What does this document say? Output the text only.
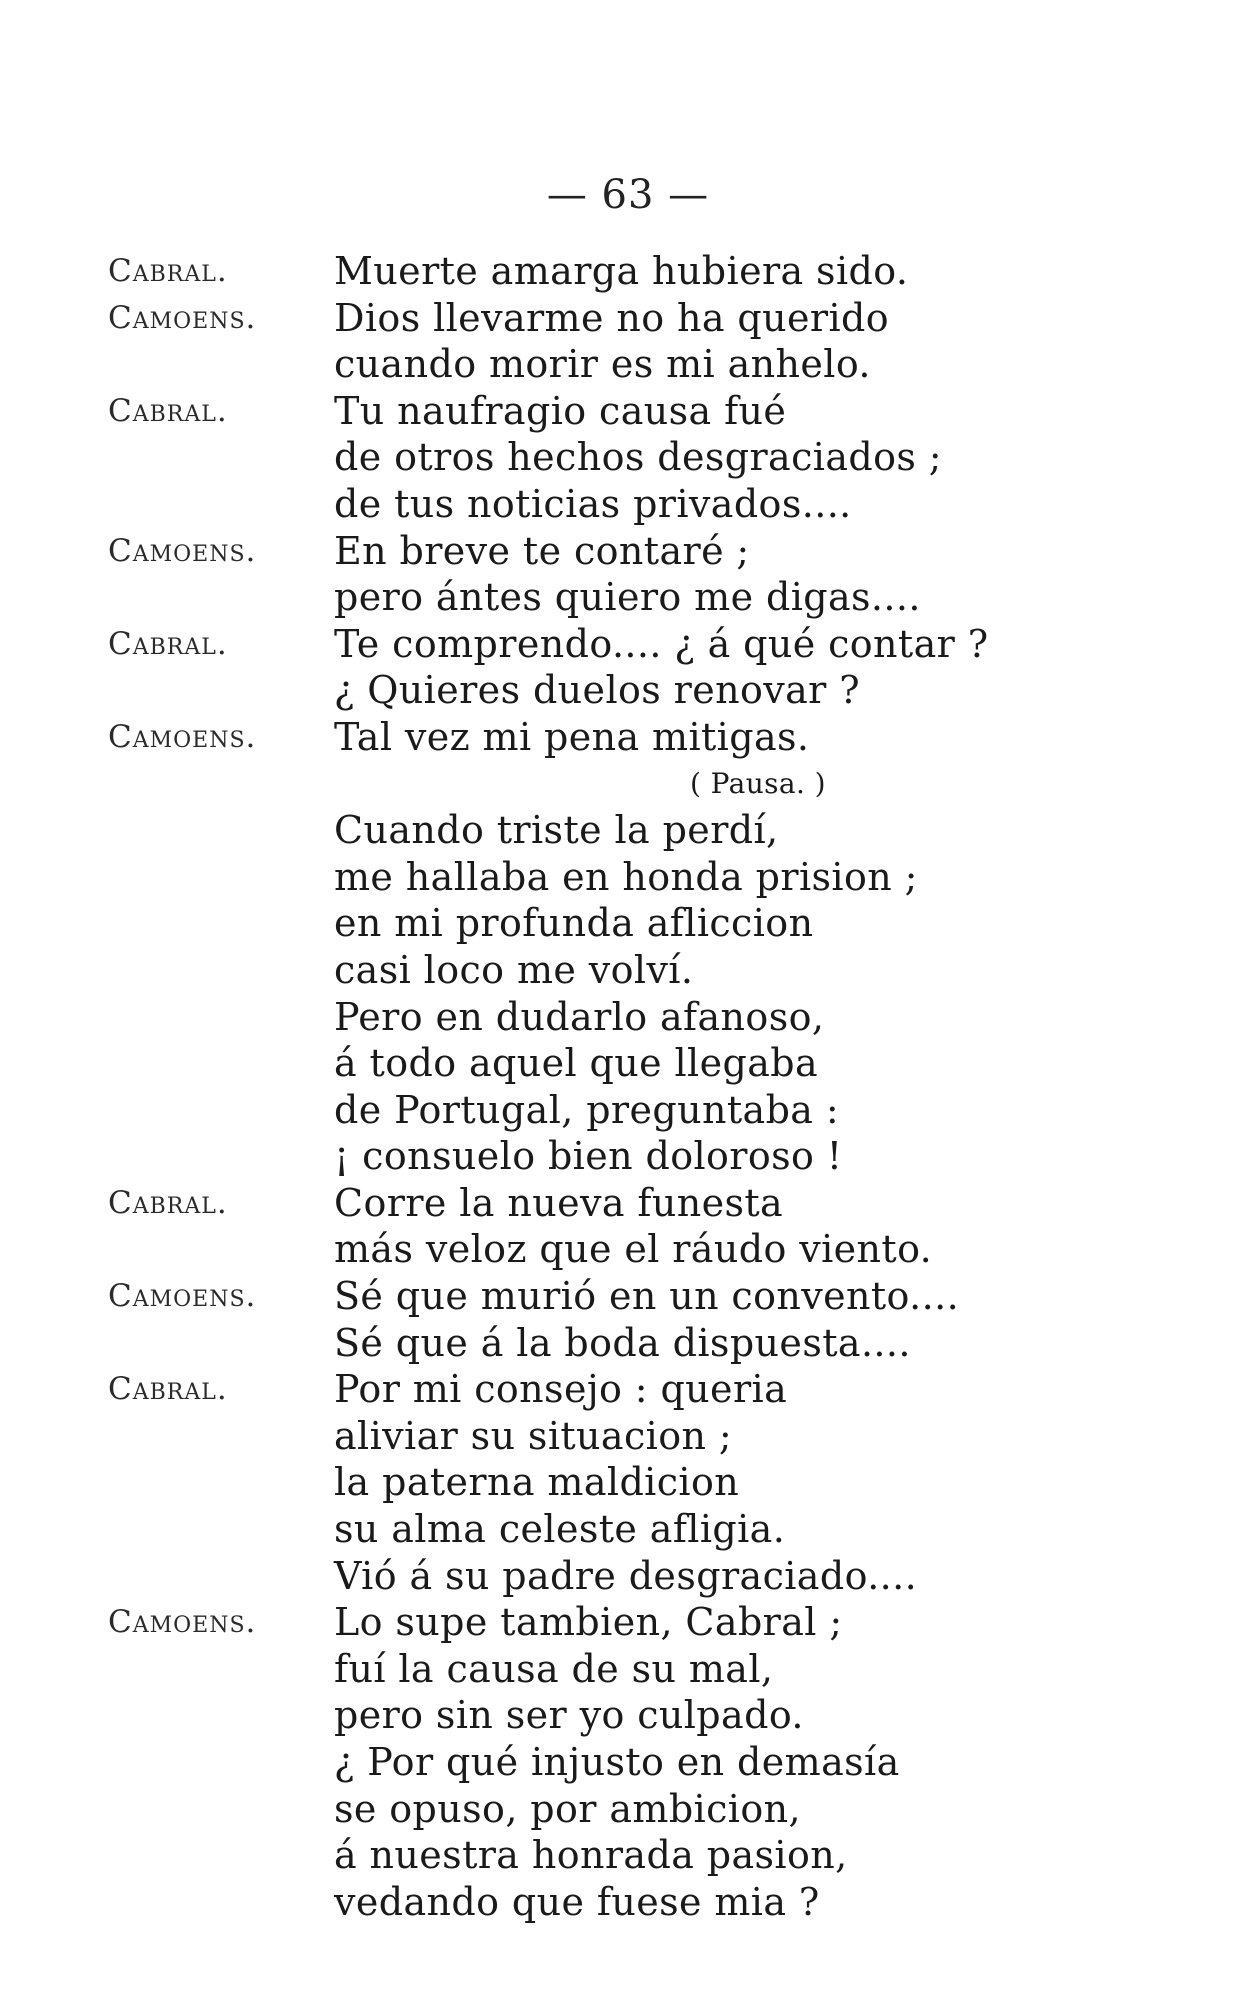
— 63 —
Cabral.	Muerte amarga hubiera sido.
Camoens. Dios llevarme no ha querido
cuando morir es mi anhelo.
Cabral.	Tu naufragio causa fué
de otros hechos desgraciados ;
de tus noticias privados....
Camoens. En breve te contaré ;
pero ántes quiero me digas....
Cabral.	Te comprendo.... ¿ á qué contar ?
¿ Quieres duelos renovar ?
Camoens. Tal vez mi pena mitigas.
( Pausa. )
Cuando triste la perdí,
me hallaba en honda prision ;
en mi profunda afliccion
casi loco me volví.
Pero en dudarlo afanoso,
á todo aquel que llegaba
de Portugal, preguntaba :
¡ consuelo bien doloroso !
Cabral.	Corre la nueva funesta
más veloz que el ráudo viento.
Camoens. Sé que murió en un convento....
Sé que á la boda dispuesta....
Cabral.	Por mi consejo : queria
aliviar su situacion ;
la paterna maldicion
su alma celeste afligia.
Vió á su padre desgraciado....
Camoens. Lo supe tambien, Cabral ;
fuí la causa de su mal,
pero sin ser yo culpado.
¿ Por qué injusto en demasía
se opuso, por ambicion,
á nuestra honrada pasion,
vedando que fuese mia ?
